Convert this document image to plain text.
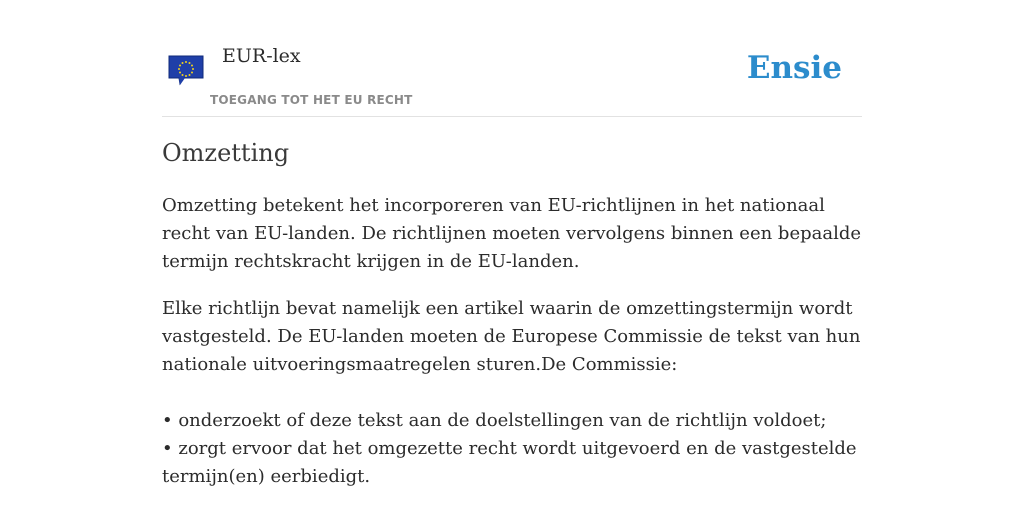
EUR-lex
TOEGANG TOT HET EU RECHT
Ensie
Omzetting

Omzetting betekent het incorporeren van EU-richtlijnen in het nationaal recht van EU-landen. De richtlijnen moeten vervolgens binnen een bepaalde termijn rechtskracht krijgen in de EU-landen.

Elke richtlijn bevat namelijk een artikel waarin de omzettingstermijn wordt vastgesteld. De EU-landen moeten de Europese Commissie de tekst van hun nationale uitvoeringsmaatregelen sturen.De Commissie:

• onderzoekt of deze tekst aan de doelstellingen van de richtlijn voldoet;

• zorgt ervoor dat het omgezette recht wordt uitgevoerd en de vastgestelde termijn(en) eerbiedigt.
